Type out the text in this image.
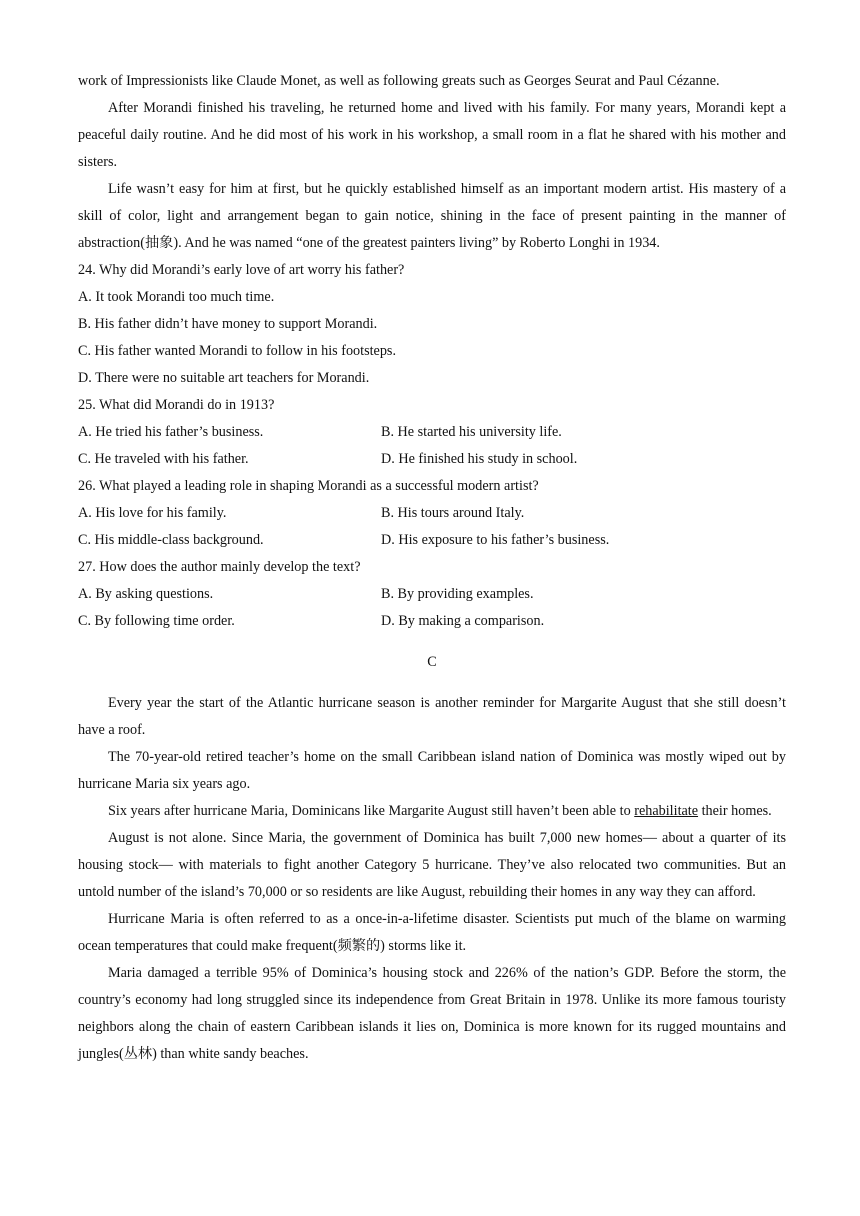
work of Impressionists like Claude Monet, as well as following greats such as Georges Seurat and Paul Cézanne.

After Morandi finished his traveling, he returned home and lived with his family. For many years, Morandi kept a peaceful daily routine. And he did most of his work in his workshop, a small room in a flat he shared with his mother and sisters.

Life wasn’t easy for him at first, but he quickly established himself as an important modern artist. His mastery of a skill of color, light and arrangement began to gain notice, shining in the face of present painting in the manner of abstraction(抽象). And he was named “one of the greatest painters living” by Roberto Longhi in 1934.

24. Why did Morandi’s early love of art worry his father?

A. It took Morandi too much time.

B. His father didn’t have money to support Morandi.

C. His father wanted Morandi to follow in his footsteps.

D. There were no suitable art teachers for Morandi.

25. What did Morandi do in 1913?

A. He tried his father’s business.	B. He started his university life.
C. He traveled with his father.	D. He finished his study in school.

26. What played a leading role in shaping Morandi as a successful modern artist?

A. His love for his family.	B. His tours around Italy.
C. His middle-class background.	D. His exposure to his father’s business.

27. How does the author mainly develop the text?

A. By asking questions.	B. By providing examples.
C. By following time order.	D. By making a comparison.

C

Every year the start of the Atlantic hurricane season is another reminder for Margarite August that she still doesn’t have a roof.

The 70-year-old retired teacher’s home on the small Caribbean island nation of Dominica was mostly wiped out by hurricane Maria six years ago.

Six years after hurricane Maria, Dominicans like Margarite August still haven’t been able to rehabilitate their homes.

August is not alone. Since Maria, the government of Dominica has built 7,000 new homes— about a quarter of its housing stock— with materials to fight another Category 5 hurricane. They’ve also relocated two communities. But an untold number of the island’s 70,000 or so residents are like August, rebuilding their homes in any way they can afford.

Hurricane Maria is often referred to as a once-in-a-lifetime disaster. Scientists put much of the blame on warming ocean temperatures that could make frequent(频繁的) storms like it.

Maria damaged a terrible 95% of Dominica’s housing stock and 226% of the nation’s GDP. Before the storm, the country’s economy had long struggled since its independence from Great Britain in 1978. Unlike its more famous touristy neighbors along the chain of eastern Caribbean islands it lies on, Dominica is more known for its rugged mountains and jungles(丛林) than white sandy beaches.
